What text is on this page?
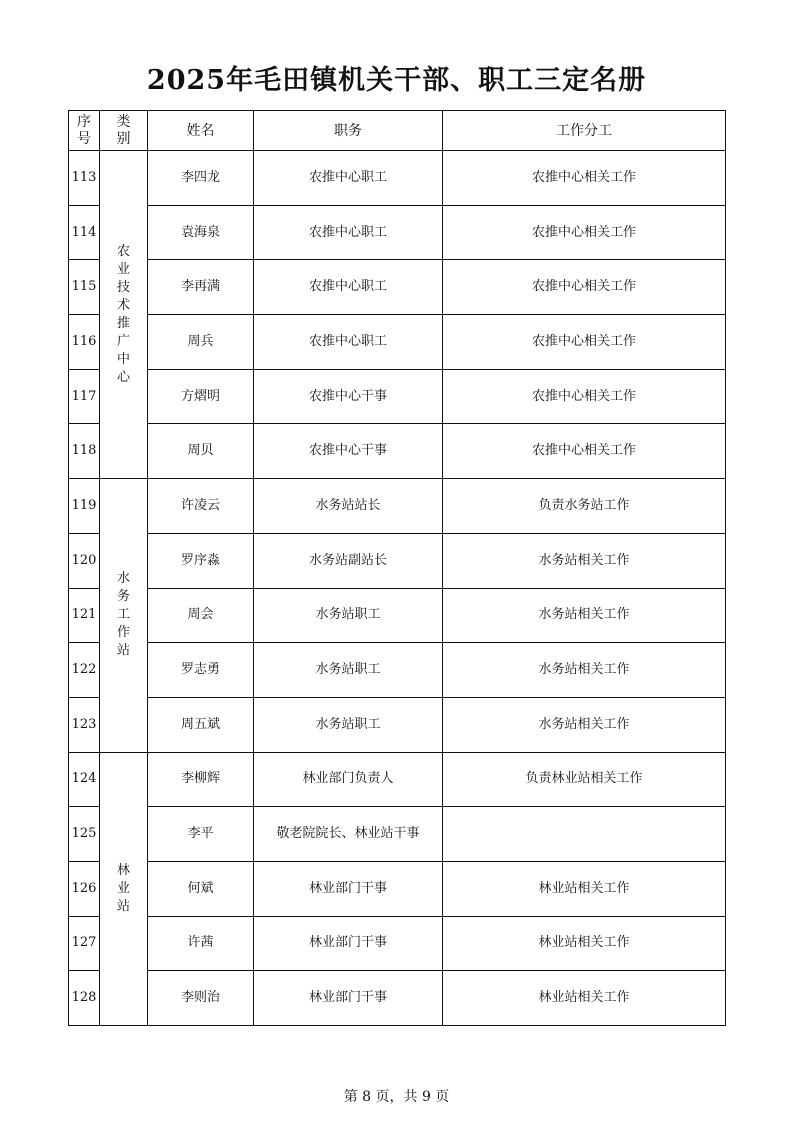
2025年毛田镇机关干部、职工三定名册
序号	类别	姓名	职务	工作分工
113	农业技术推广中心	李四龙	农推中心职工	农推中心相关工作
114		袁海泉	农推中心职工	农推中心相关工作
115		李再满	农推中心职工	农推中心相关工作
116		周兵	农推中心职工	农推中心相关工作
117		方熠明	农推中心干事	农推中心相关工作
118		周贝	农推中心干事	农推中心相关工作
119	水务工作站	许凌云	水务站站长	负责水务站工作
120		罗序淼	水务站副站长	水务站相关工作
121		周会	水务站职工	水务站相关工作
122		罗志勇	水务站职工	水务站相关工作
123		周五斌	水务站职工	水务站相关工作
124	林业站	李柳辉	林业部门负责人	负责林业站相关工作
125		李平	敬老院院长、林业站干事	
126		何斌	林业部门干事	林业站相关工作
127		许茜	林业部门干事	林业站相关工作
128		李则治	林业部门干事	林业站相关工作
第 8 页，共 9 页
